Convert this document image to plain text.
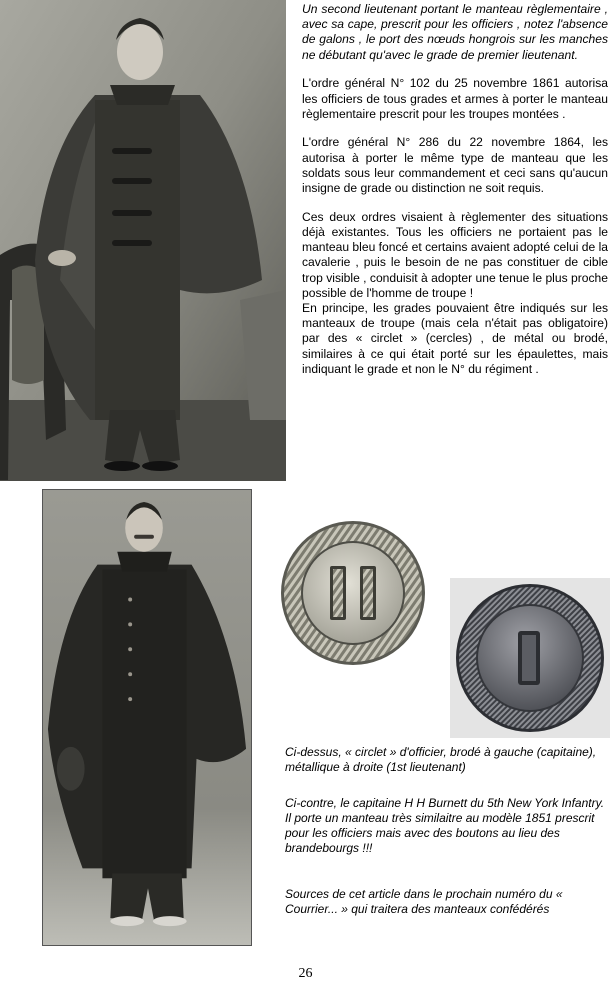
Un second lieutenant portant le manteau règlementaire , avec sa cape, prescrit pour les officiers , notez l'absence de galons , le port des nœuds hongrois sur les manches ne débutant qu'avec le grade de premier lieutenant.

L'ordre général N° 102 du 25 novembre 1861 autorisa les officiers de tous grades et armes à porter le manteau règlementaire prescrit pour les troupes montées .

L'ordre général N° 286 du 22 novembre 1864, les autorisa à porter le même type de manteau que les soldats sous leur commandement et ceci sans qu'aucun insigne de grade ou distinction ne soit requis.

Ces deux ordres visaient à règlementer des situations déjà existantes. Tous les officiers ne portaient pas le manteau bleu foncé et certains avaient adopté celui de la cavalerie , puis le besoin de ne pas constituer de cible trop visible , conduisit à adopter une tenue le plus proche possible de l'homme de troupe !

En principe, les grades pouvaient être indiqués sur les manteaux de troupe (mais cela n'était pas obligatoire) par des « circlet » (cercles) , de métal ou brodé, similaires à ce qui était porté sur les épaulettes, mais indiquant le grade et non le N° du régiment .

Ci-dessus, « circlet » d'officier, brodé à gauche (capitaine), métallique à droite (1st lieutenant)
Ci-contre, le capitaine H H Burnett du 5th New York Infantry. Il porte un manteau très similaitre au modèle 1851 prescrit pour les officiers mais avec des boutons au lieu des brandebourgs !!!
Sources de cet article dans le prochain numéro du « Courrier... » qui traitera des manteaux confédérés
26
